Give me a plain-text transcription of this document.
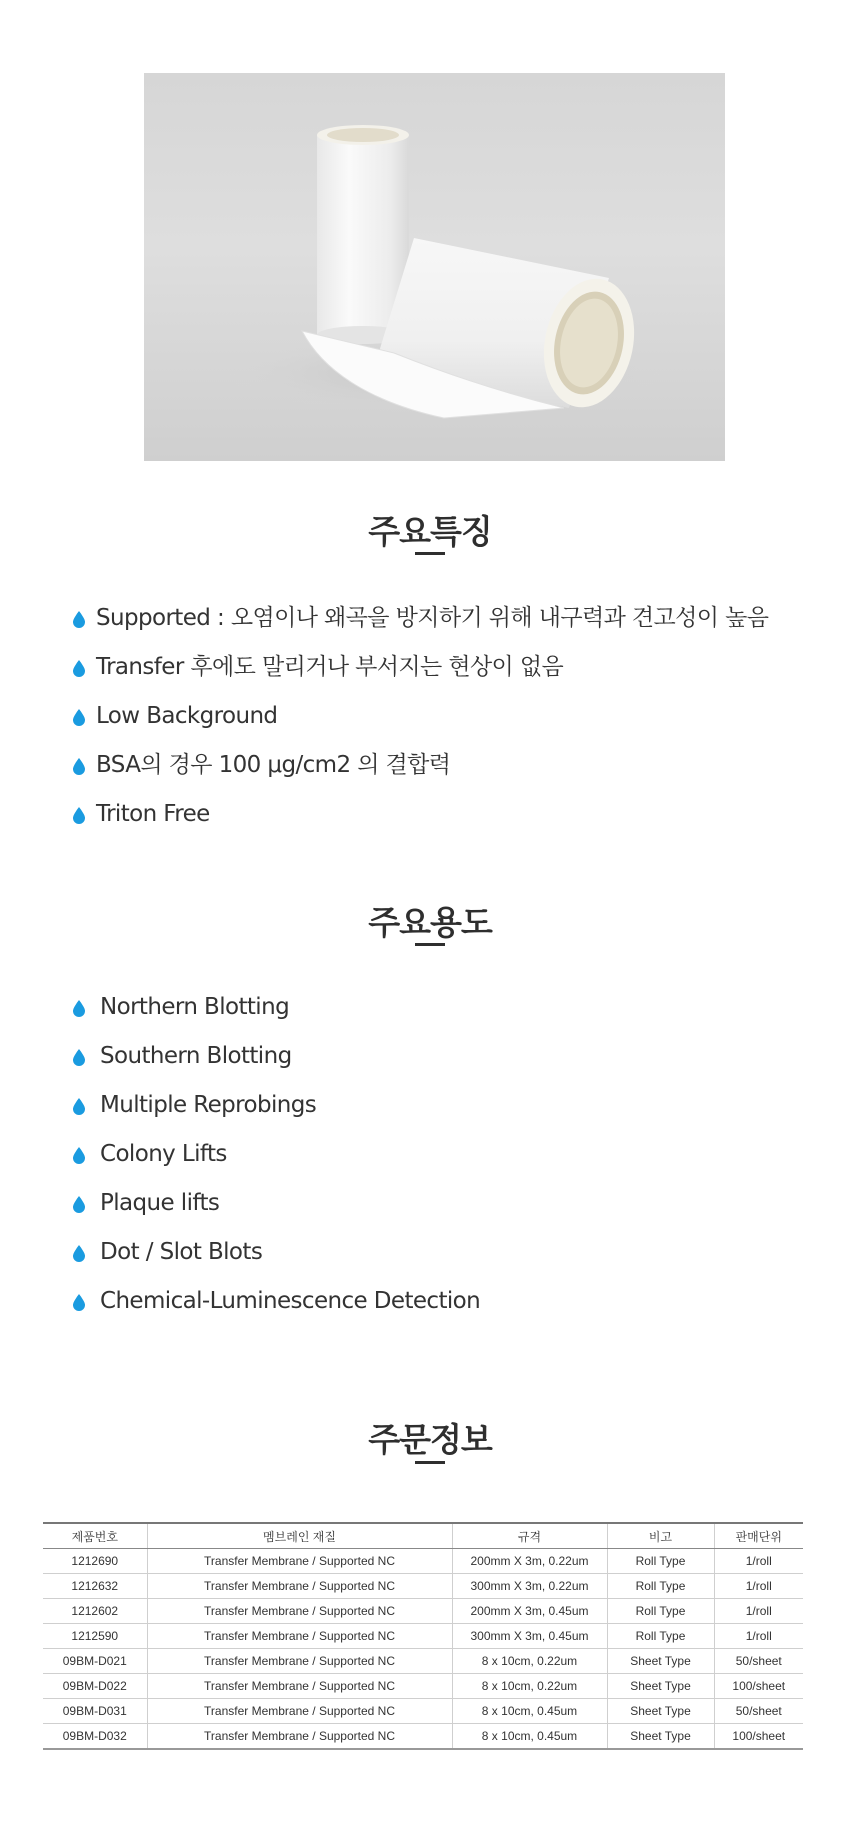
주요특징
Supported : 오염이나 왜곡을 방지하기 위해 내구력과 견고성이 높음
Transfer 후에도 말리거나 부서지는 현상이 없음
Low Background
BSA의 경우 100 μg/cm2 의 결합력
Triton Free
주요용도
Northern Blotting
Southern Blotting
Multiple Reprobings
Colony Lifts
Plaque lifts
Dot / Slot Blots
Chemical-Luminescence Detection
주문정보
제품번호	멤브레인 재질	규격	비고	판매단위
1212690	Transfer Membrane / Supported NC	200mm X 3m, 0.22um	Roll Type	1/roll
1212632	Transfer Membrane / Supported NC	300mm X 3m, 0.22um	Roll Type	1/roll
1212602	Transfer Membrane / Supported NC	200mm X 3m, 0.45um	Roll Type	1/roll
1212590	Transfer Membrane / Supported NC	300mm X 3m, 0.45um	Roll Type	1/roll
09BM-D021	Transfer Membrane / Supported NC	8 x 10cm, 0.22um	Sheet Type	50/sheet
09BM-D022	Transfer Membrane / Supported NC	8 x 10cm, 0.22um	Sheet Type	100/sheet
09BM-D031	Transfer Membrane / Supported NC	8 x 10cm, 0.45um	Sheet Type	50/sheet
09BM-D032	Transfer Membrane / Supported NC	8 x 10cm, 0.45um	Sheet Type	100/sheet
